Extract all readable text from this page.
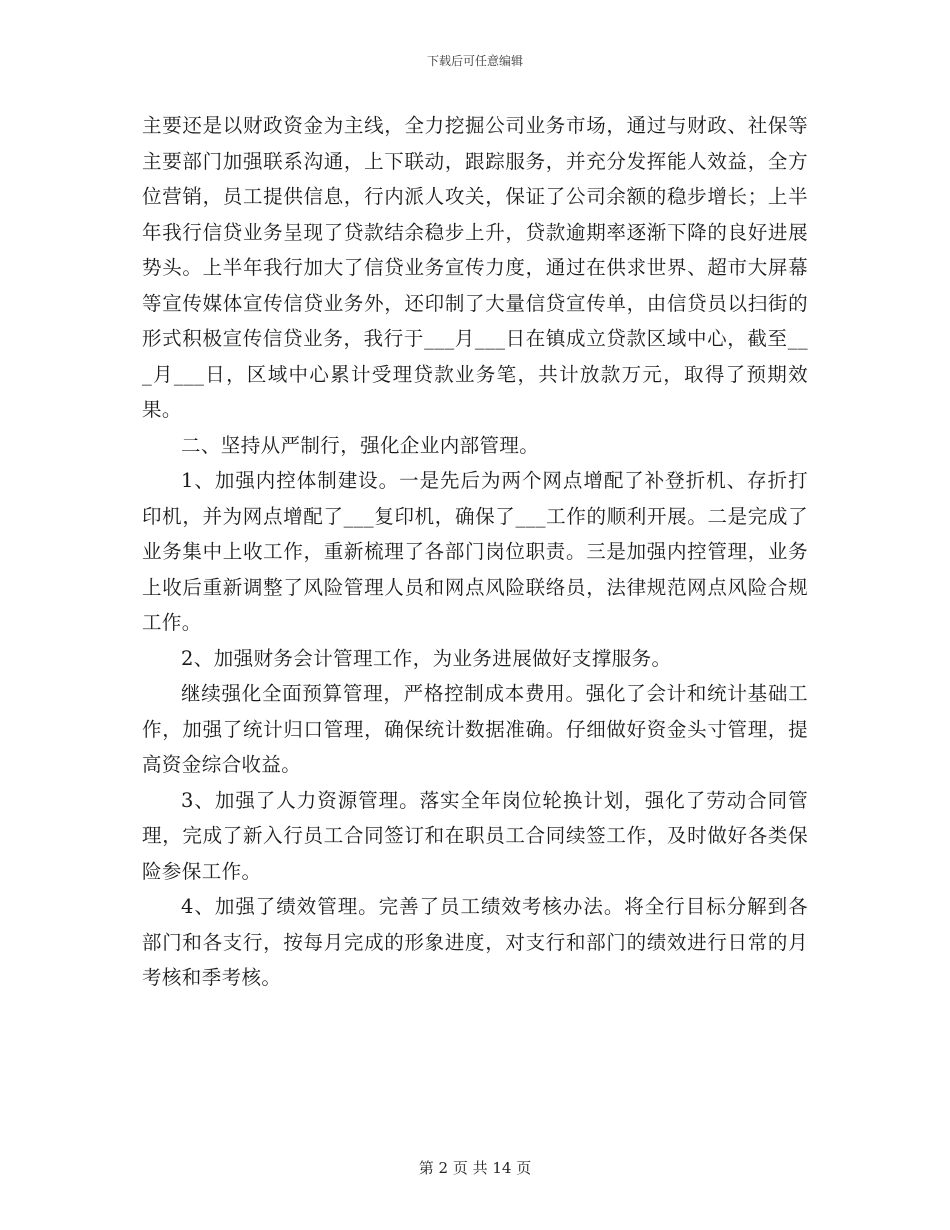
下载后可任意编辑

主要还是以财政资金为主线，全力挖掘公司业务市场，通过与财政、社保等主要部门加强联系沟通，上下联动，跟踪服务，并充分发挥能人效益，全方位营销，员工提供信息，行内派人攻关，保证了公司余额的稳步增长；上半年我行信贷业务呈现了贷款结余稳步上升，贷款逾期率逐渐下降的良好进展势头。上半年我行加大了信贷业务宣传力度，通过在供求世界、超市大屏幕等宣传媒体宣传信贷业务外，还印制了大量信贷宣传单，由信贷员以扫街的形式积极宣传信贷业务，我行于___月___日在镇成立贷款区域中心，截至___月___日，区域中心累计受理贷款业务笔，共计放款万元，取得了预期效果。

二、坚持从严制行，强化企业内部管理。

1、加强内控体制建设。一是先后为两个网点增配了补登折机、存折打印机，并为网点增配了___复印机，确保了___工作的顺利开展。二是完成了业务集中上收工作，重新梳理了各部门岗位职责。三是加强内控管理，业务上收后重新调整了风险管理人员和网点风险联络员，法律规范网点风险合规工作。

2、加强财务会计管理工作，为业务进展做好支撑服务。

继续强化全面预算管理，严格控制成本费用。强化了会计和统计基础工作，加强了统计归口管理，确保统计数据准确。仔细做好资金头寸管理，提高资金综合收益。

3、加强了人力资源管理。落实全年岗位轮换计划，强化了劳动合同管理，完成了新入行员工合同签订和在职员工合同续签工作，及时做好各类保险参保工作。

4、加强了绩效管理。完善了员工绩效考核办法。将全行目标分解到各部门和各支行，按每月完成的形象进度，对支行和部门的绩效进行日常的月考核和季考核。

第 2 页 共 14 页
